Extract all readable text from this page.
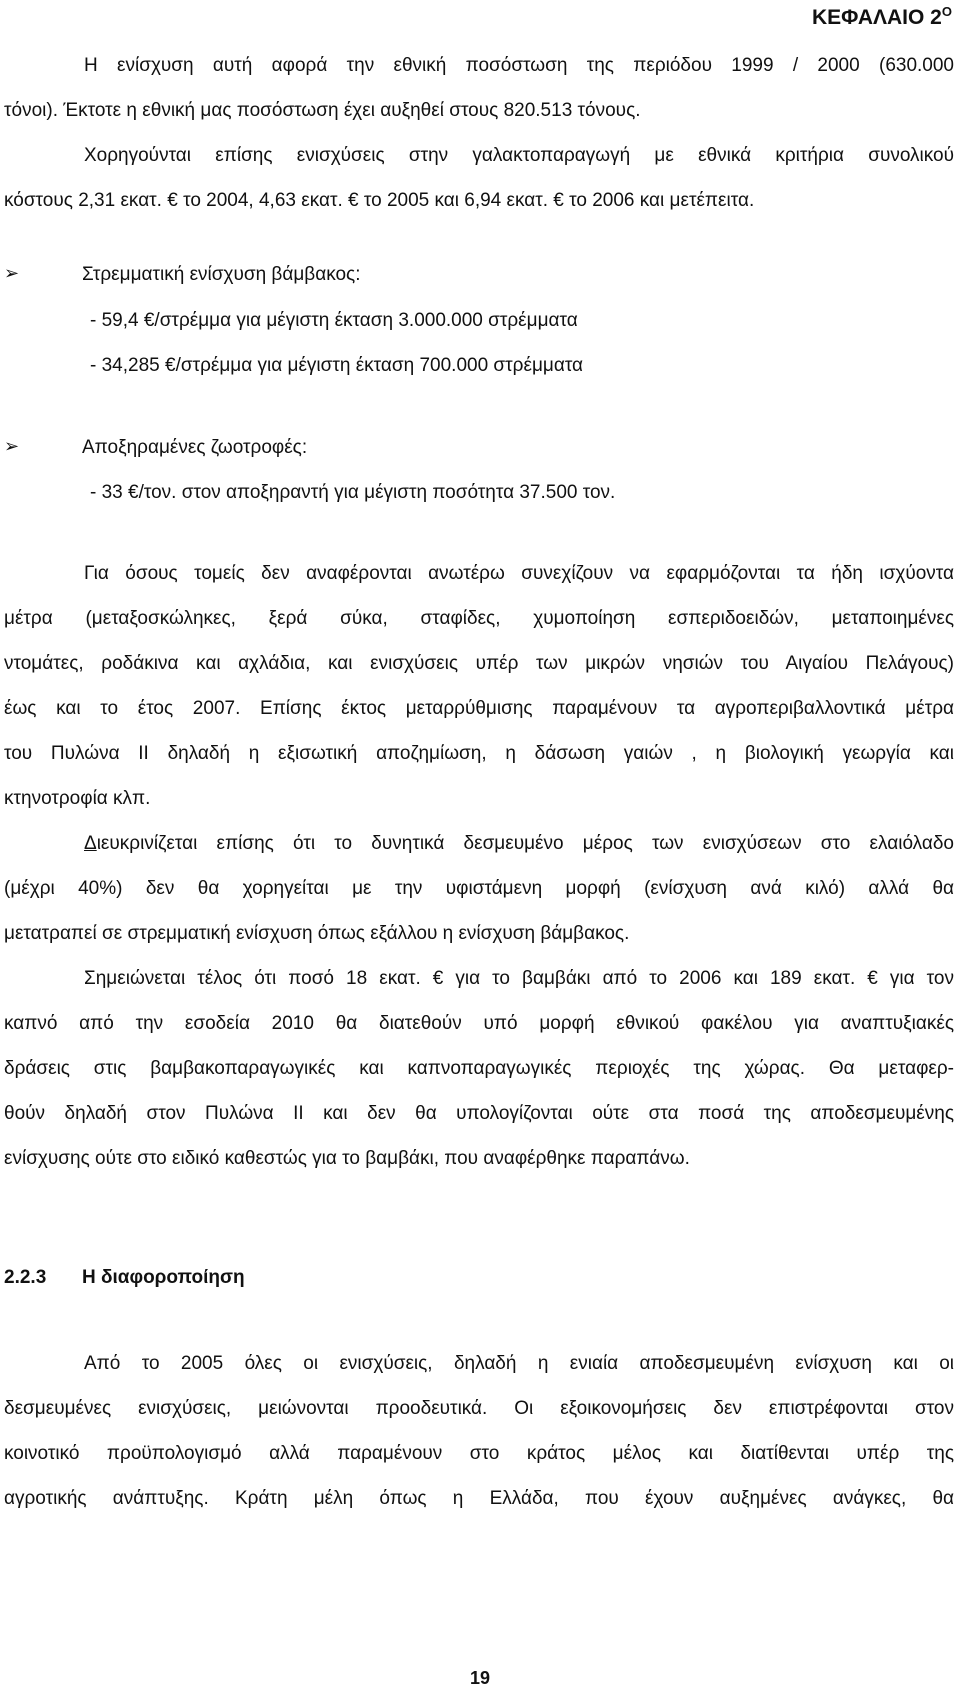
ΚΕΦΑΛΑΙΟ $2^O$
Η ενίσχυση αυτή αφορά την εθνική ποσόστωση της περιόδου 1999 / 2000 (630.000
τόνοι). Έκτοτε η εθνική μας ποσόστωση έχει αυξηθεί στους 820.513 τόνους.
Χορηγούνται επίσης ενισχύσεις στην γαλακτοπαραγωγή με εθνικά κριτήρια συνολικού
κόστους 2,31 εκατ. € το 2004, 4,63 εκατ. € το 2005 και 6,94 εκατ. € το 2006 και μετέπειτα.
➢	Στρεμματική ενίσχυση βάμβακος:
- 59,4 €/στρέμμα για μέγιστη έκταση 3.000.000 στρέμματα
- 34,285 €/στρέμμα για μέγιστη έκταση 700.000 στρέμματα
➢	Αποξηραμένες ζωοτροφές:
- 33 €/τον. στον αποξηραντή για μέγιστη ποσότητα 37.500 τον.
Για όσους τομείς δεν αναφέρονται ανωτέρω συνεχίζουν να εφαρμόζονται τα ήδη ισχύοντα
μέτρα (μεταξοσκώληκες, ξερά σύκα, σταφίδες, χυμοποίηση εσπεριδοειδών, μεταποιημένες
ντομάτες, ροδάκινα και αχλάδια, και ενισχύσεις υπέρ των μικρών νησιών του Αιγαίου Πελάγους)
έως και το έτος 2007. Επίσης έκτος μεταρρύθμισης παραμένουν τα αγροπεριβαλλοντικά μέτρα
του Πυλώνα ΙΙ δηλαδή η εξισωτική αποζημίωση, η δάσωση γαιών , η βιολογική γεωργία και
κτηνοτροφία κλπ.
Διευκρινίζεται επίσης ότι το δυνητικά δεσμευμένο μέρος των ενισχύσεων στο ελαιόλαδο
(μέχρι 40%) δεν θα χορηγείται με την υφιστάμενη μορφή (ενίσχυση ανά κιλό) αλλά θα
μετατραπεί σε στρεμματική ενίσχυση όπως εξάλλου η ενίσχυση βάμβακος.
Σημειώνεται τέλος ότι ποσό 18 εκατ. € για το βαμβάκι από το 2006 και 189 εκατ. € για τον
καπνό από την εσοδεία 2010 θα διατεθούν υπό μορφή εθνικού φακέλου για αναπτυξιακές
δράσεις στις βαμβακοπαραγωγικές και καπνοπαραγωγικές περιοχές της χώρας. Θα μεταφερ-
θούν δηλαδή στον Πυλώνα ΙΙ και δεν θα υπολογίζονται ούτε στα ποσά της αποδεσμευμένης
ενίσχυσης ούτε στο ειδικό καθεστώς για το βαμβάκι, που αναφέρθηκε παραπάνω.
2.2.3 Η διαφοροποίηση
Από το 2005 όλες οι ενισχύσεις, δηλαδή η ενιαία αποδεσμευμένη ενίσχυση και οι
δεσμευμένες ενισχύσεις, μειώνονται προοδευτικά. Οι εξοικονομήσεις δεν επιστρέφονται στον
κοινοτικό προϋπολογισμό αλλά παραμένουν στο κράτος μέλος και διατίθενται υπέρ της
αγροτικής ανάπτυξης. Κράτη μέλη όπως η Ελλάδα, που έχουν αυξημένες ανάγκες, θα
19
